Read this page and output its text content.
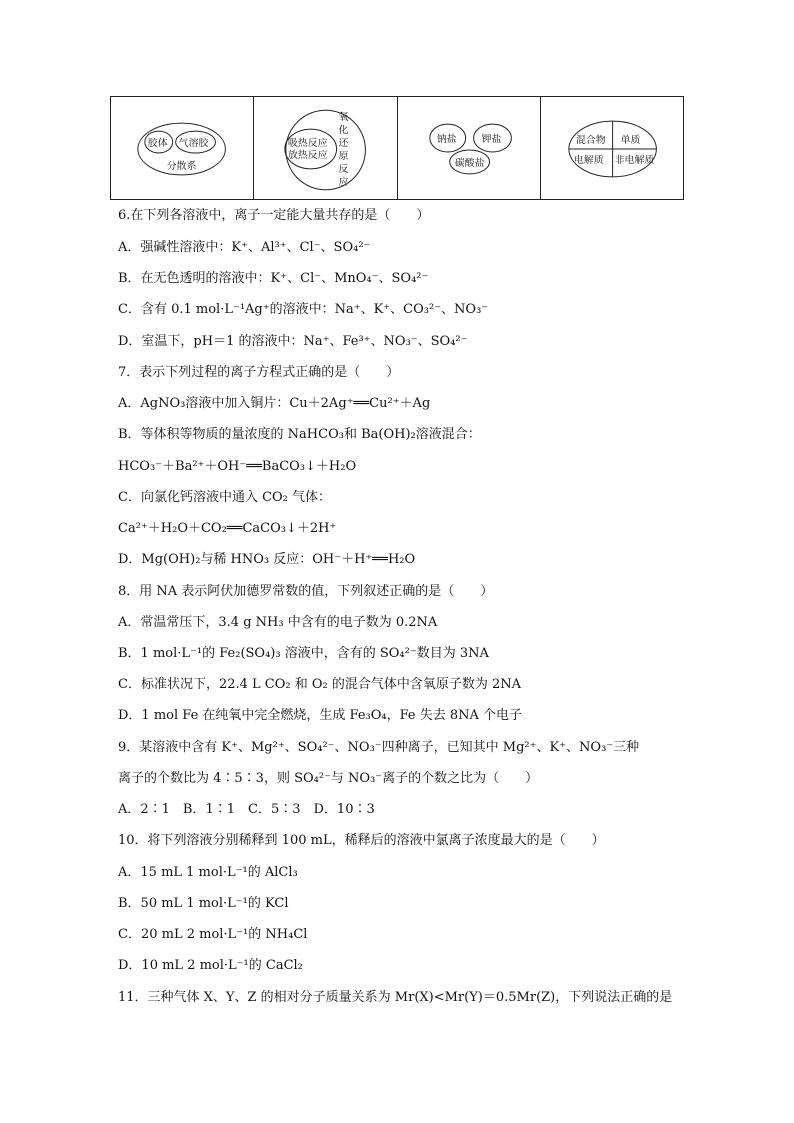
胶体 气溶胶
分散系
吸热反应
放热反应
氧
化
还
原
反
应
钠盐 钾盐
碳酸盐
混合物 单质
电解质 非电解质
6.在下列各溶液中，离子一定能大量共存的是（　　）
A．强碱性溶液中：K⁺、Al³⁺、Cl⁻、SO₄²⁻
B．在无色透明的溶液中：K⁺、Cl⁻、MnO₄⁻、SO₄²⁻
C．含有 0.1 mol·L⁻¹Ag⁺的溶液中：Na⁺、K⁺、CO₃²⁻、NO₃⁻
D．室温下，pH＝1 的溶液中：Na⁺、Fe³⁺、NO₃⁻、SO₄²⁻
7．表示下列过程的离子方程式正确的是（　　）
A．AgNO₃溶液中加入铜片：Cu＋2Ag⁺══Cu²⁺＋Ag
B．等体积等物质的量浓度的 NaHCO₃和 Ba(OH)₂溶液混合：
HCO₃⁻＋Ba²⁺＋OH⁻══BaCO₃↓＋H₂O
C．向氯化钙溶液中通入 CO₂ 气体：
Ca²⁺＋H₂O＋CO₂══CaCO₃↓＋2H⁺
D．Mg(OH)₂与稀 HNO₃ 反应：OH⁻＋H⁺══H₂O
8．用 NA 表示阿伏加德罗常数的值，下列叙述正确的是（　　）
A．常温常压下，3.4 g NH₃ 中含有的电子数为 0.2NA
B．1 mol·L⁻¹的 Fe₂(SO₄)₃ 溶液中，含有的 SO₄²⁻数目为 3NA
C．标准状况下，22.4 L CO₂ 和 O₂ 的混合气体中含氧原子数为 2NA
D．1 mol Fe 在纯氧中完全燃烧，生成 Fe₃O₄，Fe 失去 8NA 个电子
9．某溶液中含有 K⁺、Mg²⁺、SO₄²⁻、NO₃⁻四种离子，已知其中 Mg²⁺、K⁺、NO₃⁻三种
离子的个数比为 4∶5∶3，则 SO₄²⁻与 NO₃⁻离子的个数之比为（　　）
A．2∶1　B．1∶1　C．5∶3　D．10∶3
10．将下列溶液分别稀释到 100 mL，稀释后的溶液中氯离子浓度最大的是（　　）
A．15 mL 1 mol·L⁻¹的 AlCl₃
B．50 mL 1 mol·L⁻¹的 KCl
C．20 mL 2 mol·L⁻¹的 NH₄Cl
D．10 mL 2 mol·L⁻¹的 CaCl₂
11．三种气体 X、Y、Z 的相对分子质量关系为 Mr(X)<Mr(Y)＝0.5Mr(Z)，下列说法正确的是
